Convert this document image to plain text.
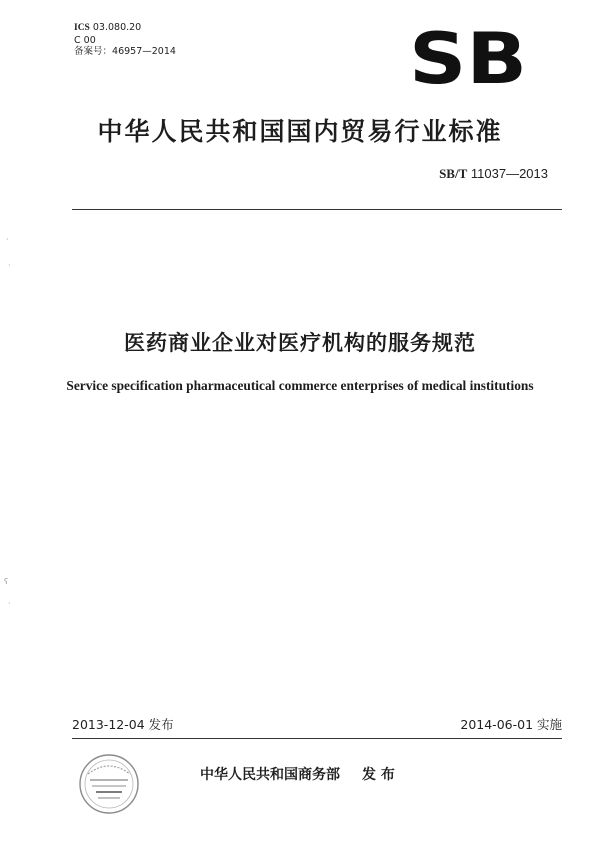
ICS 03.080.20
C 00
备案号：46957—2014	SB
中华人民共和国国内贸易行业标准
SB/T 11037—2013
医药商业企业对医疗机构的服务规范
Service specification pharmaceutical commerce enterprises of medical institutions
·
·
ʕ
·
2013-12-04 发布	2014-06-01 实施
中华人民共和国商务部 发 布
